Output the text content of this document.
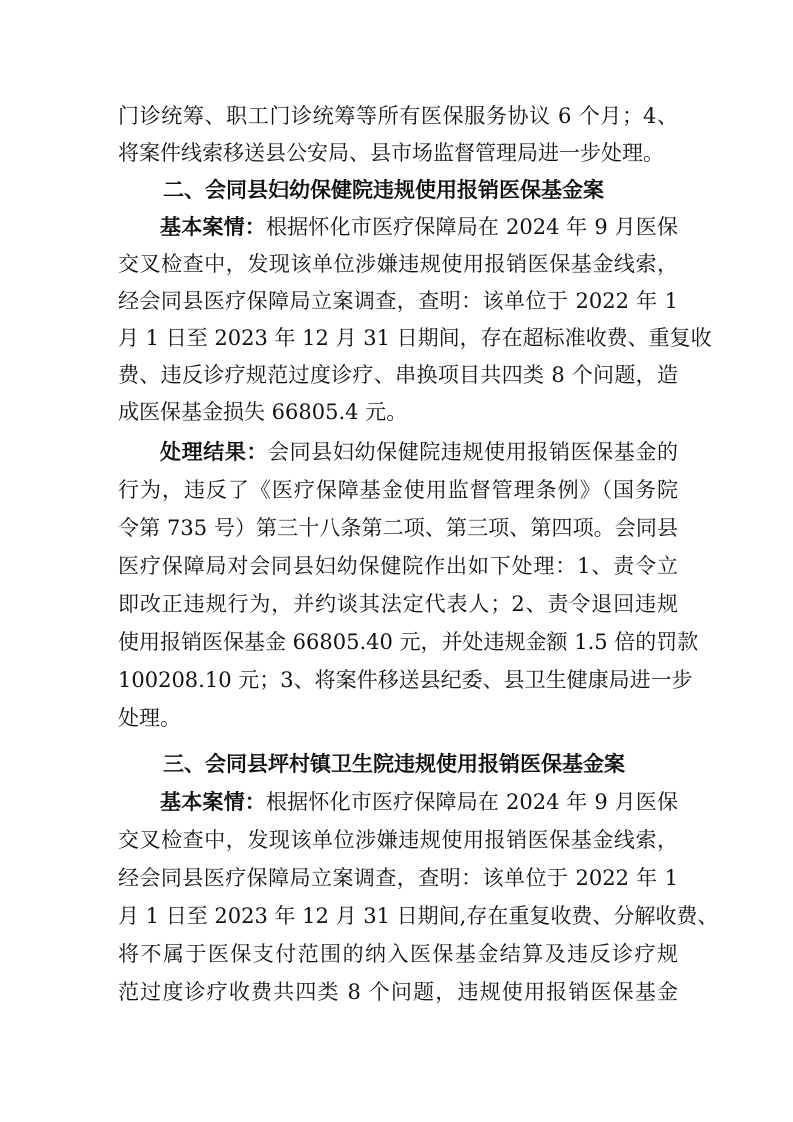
门诊统筹、职工门诊统筹等所有医保服务协议 6 个月；4、
将案件线索移送县公安局、县市场监督管理局进一步处理。
二、会同县妇幼保健院违规使用报销医保基金案
基本案情：根据怀化市医疗保障局在 2024 年 9 月医保
交叉检查中，发现该单位涉嫌违规使用报销医保基金线索，
经会同县医疗保障局立案调查，查明：该单位于 2022 年 1
月 1 日至 2023 年 12 月 31 日期间，存在超标准收费、重复收
费、违反诊疗规范过度诊疗、串换项目共四类 8 个问题，造
成医保基金损失 66805.4 元。
处理结果：会同县妇幼保健院违规使用报销医保基金的
行为，违反了《医疗保障基金使用监督管理条例》（国务院
令第 735 号）第三十八条第二项、第三项、第四项。会同县
医疗保障局对会同县妇幼保健院作出如下处理：1、责令立
即改正违规行为，并约谈其法定代表人；2、责令退回违规
使用报销医保基金 66805.40 元，并处违规金额 1.5 倍的罚款
100208.10 元；3、将案件移送县纪委、县卫生健康局进一步
处理。
三、会同县坪村镇卫生院违规使用报销医保基金案
基本案情：根据怀化市医疗保障局在 2024 年 9 月医保
交叉检查中，发现该单位涉嫌违规使用报销医保基金线索，
经会同县医疗保障局立案调查，查明：该单位于 2022 年 1
月 1 日至 2023 年 12 月 31 日期间,存在重复收费、分解收费、
将不属于医保支付范围的纳入医保基金结算及违反诊疗规
范过度诊疗收费共四类 8 个问题，违规使用报销医保基金
